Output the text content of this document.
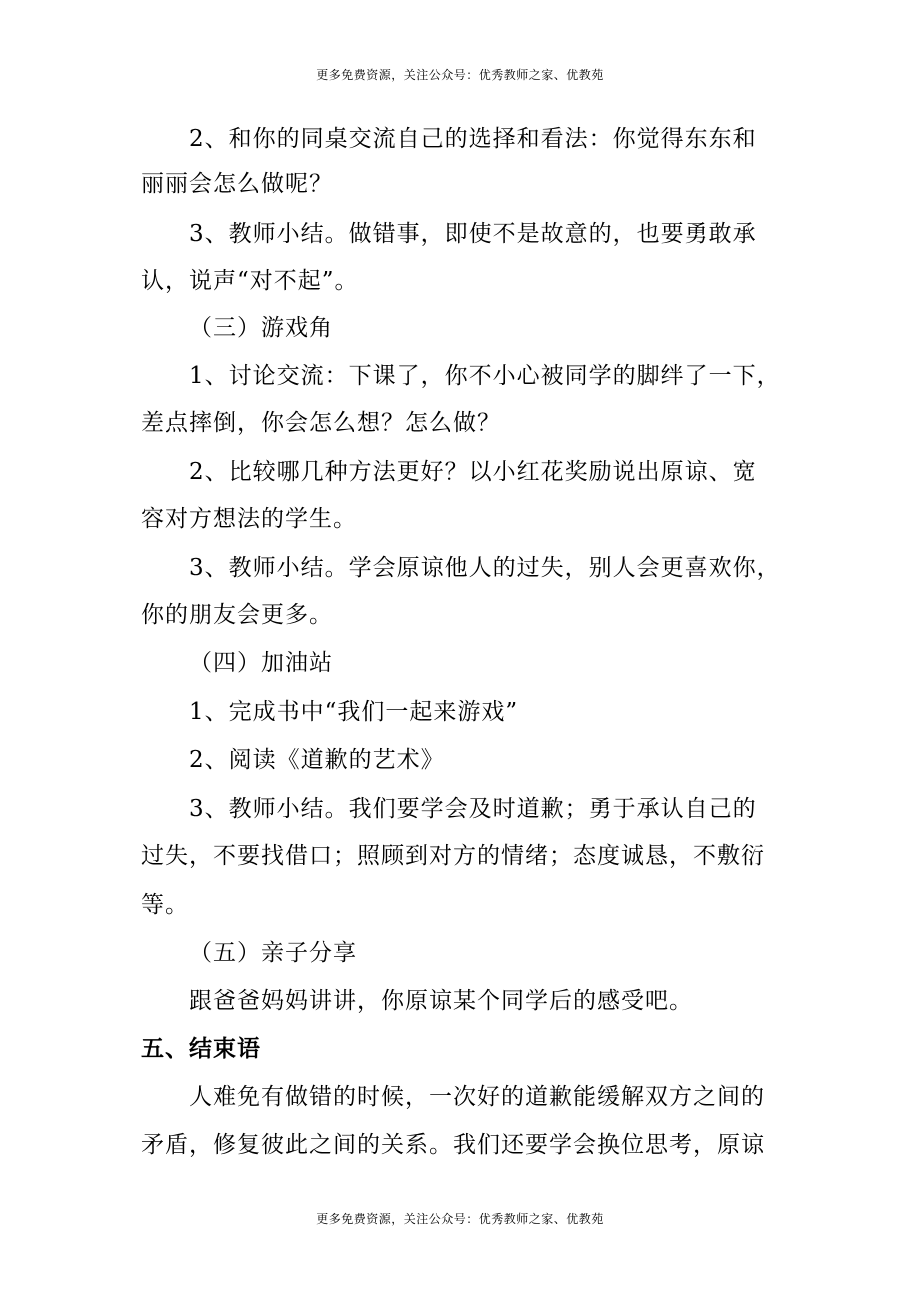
更多免费资源，关注公众号：优秀教师之家、优教苑
2、和你的同桌交流自己的选择和看法：你觉得东东和
丽丽会怎么做呢？
3、教师小结。做错事，即使不是故意的，也要勇敢承
认，说声“对不起”。
（三）游戏角
1、讨论交流：下课了，你不小心被同学的脚绊了一下，
差点摔倒，你会怎么想？怎么做？
2、比较哪几种方法更好？以小红花奖励说出原谅、宽
容对方想法的学生。
3、教师小结。学会原谅他人的过失，别人会更喜欢你，
你的朋友会更多。
（四）加油站
1、完成书中“我们一起来游戏”
2、阅读《道歉的艺术》
3、教师小结。我们要学会及时道歉；勇于承认自己的
过失，不要找借口；照顾到对方的情绪；态度诚恳，不敷衍
等。
（五）亲子分享
跟爸爸妈妈讲讲，你原谅某个同学后的感受吧。
五、结束语
人难免有做错的时候，一次好的道歉能缓解双方之间的
矛盾，修复彼此之间的关系。我们还要学会换位思考，原谅
更多免费资源，关注公众号：优秀教师之家、优教苑
